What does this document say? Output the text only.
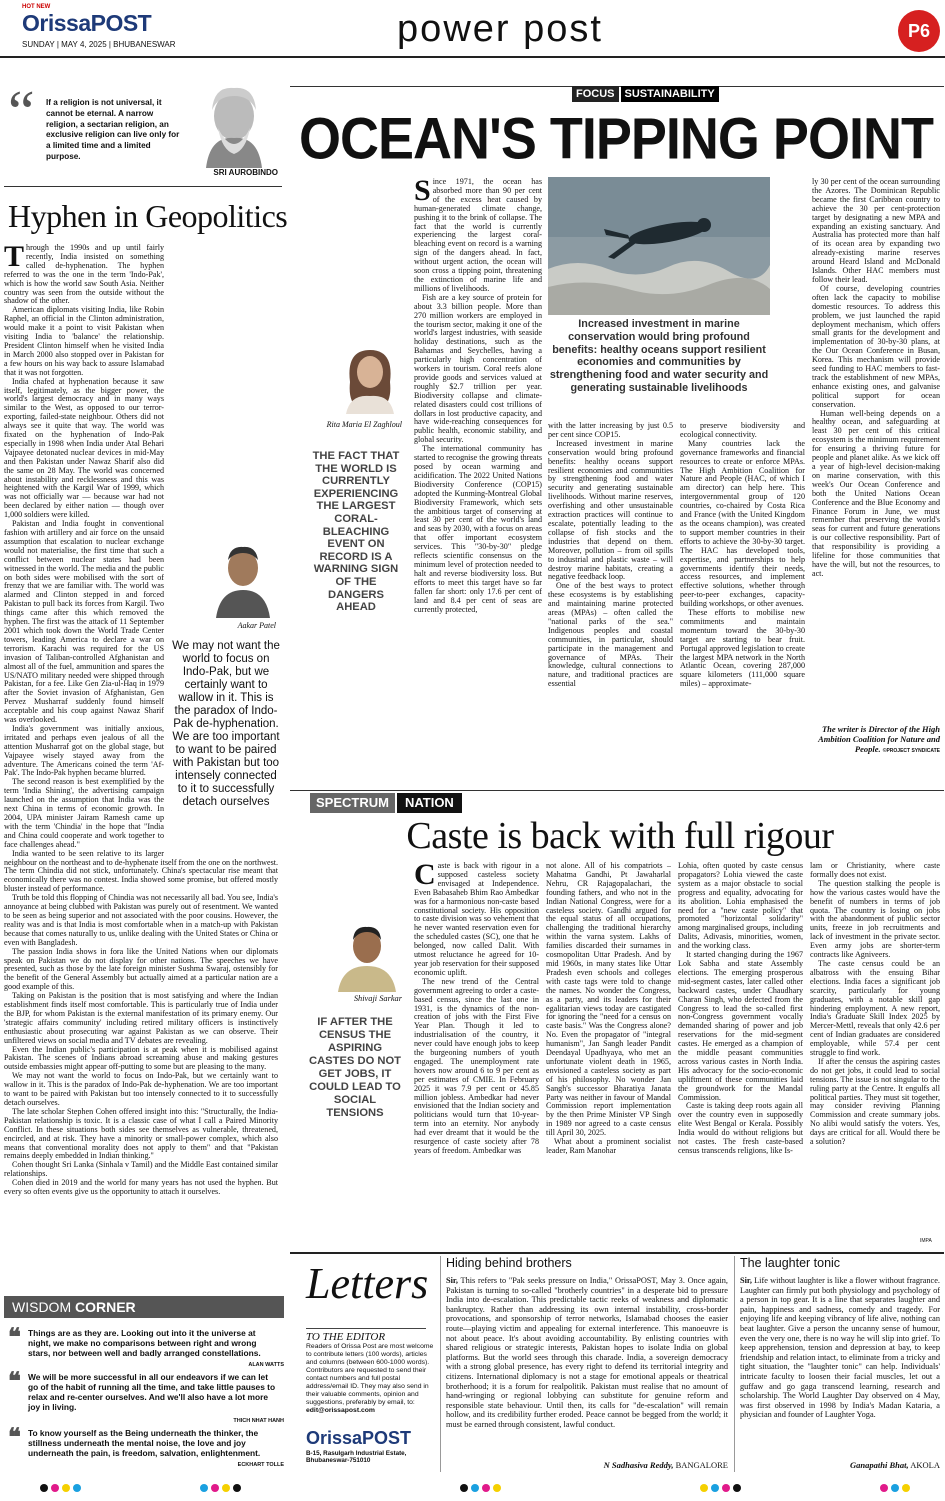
HOT NEW
OrissaPOST
SUNDAY | MAY 4, 2025 | BHUBANESWAR	power post	P6
“ If a religion is not universal, it cannot be eternal. A narrow religion, a sectarian religion, an exclusive religion can live only for a limited time and a limited purpose.
SRI AUROBINDO
Hyphen in Geopolitics

Through the 1990s and up until fairly recently, India insisted on something called de-hyphenation. The hyphen referred to was the one in the term 'Indo-Pak', which is how the world saw South Asia. Neither country was seen from the outside without the shadow of the other.

American diplomats visiting India, like Robin Raphel, an official in the Clinton administration, would make it a point to visit Pakistan when visiting India to 'balance' the relationship. President Clinton himself when he visited India in March 2000 also stopped over in Pakistan for a few hours on his way back to assure Islamabad that it was not forgotten.

India chafed at hyphenation because it saw itself, legitimately, as the bigger power, the world's largest democracy and in many ways similar to the West, as opposed to our terror-exporting, failed-state neighbour. Others did not always see it quite that way. The world was fixated on the hyphenation of Indo-Pak especially in 1998 when India under Atal Behari Vajpayee detonated nuclear devices in mid-May and then Pakistan under Nawaz Sharif also did the same on 28 May. The world was concerned about instability and recklessness and this was heightened with the Kargil War of 1999, which was not officially war — because war had not been declared by either nation — though over 1,000 soldiers were killed.

Pakistan and India fought in conventional fashion with artillery and air force on the unsaid assumption that escalation to nuclear exchange would not materialise, the first time that such a conflict between nuclear states had been witnessed in the world. The media and the public on both sides were mobilised with the sort of frenzy that we are familiar with. The world was alarmed and Clinton stepped in and forced Pakistan to pull back its forces from Kargil. Two things came after this which removed the hyphen. The first was the attack of 11 September 2001 which took down the World Trade Center towers, leading America to declare a war on terrorism. Karachi was required for the US invasion of Taliban-controlled Afghanistan and almost all of the fuel, ammunition and spares the US/NATO military needed were shipped through Pakistan, for a fee. Like Gen Zia-ul-Haq in 1979 after the Soviet invasion of Afghanistan, Gen Pervez Musharraf suddenly found himself acceptable and his coup against Nawaz Sharif was overlooked.

India's government was initially anxious, irritated and perhaps even jealous of all the attention Musharraf got on the global stage, but Vajpayee wisely stayed away from the adventure. The Americans coined the term 'Af-Pak'. The Indo-Pak hyphen became blurred.

The second reason is best exemplified by the term 'India Shining', the advertising campaign launched on the assumption that India was the next China in terms of economic growth. In 2004, UPA minister Jairam Ramesh came up with the term 'Chindia' in the hope that "India and China could cooperate and work together to face challenges ahead."

India wanted to be seen relative to its larger neighbour on the northeast and to de-hyphenate itself from the one on the northwest. The term Chindia did not stick, unfortunately. China's spectacular rise meant that economically there was no contest. India showed some promise, but offered mostly bluster instead of performance.

Truth be told this flopping of Chindia was not necessarily all bad. You see, India's annoyance at being clubbed with Pakistan was purely out of resentment. We wanted to be seen as being superior and not associated with the poor cousins. However, the reality was and is that India is most comfortable when in a match-up with Pakistan because that comes naturally to us, unlike dealing with the United States or China or even with Bangladesh.

The passion India shows in fora like the United Nations when our diplomats speak on Pakistan we do not display for other nations. The speeches we have presented, such as those by the late foreign minister Sushma Swaraj, ostensibly for the benefit of the General Assembly but actually aimed at a particular nation are a good example of this.

Taking on Pakistan is the position that is most satisfying and where the Indian establishment finds itself most comfortable. This is particularly true of India under the BJP, for whom Pakistan is the external manifestation of its primary enemy. Our 'strategic affairs community' including retired military officers is instinctively enthusiastic about prosecuting war against Pakistan as we can observe. Their unfiltered views on social media and TV debates are revealing.

Even the Indian public's participation is at peak when it is mobilised against Pakistan. The scenes of Indians abroad screaming abuse and making gestures outside embassies might appear off-putting to some but are pleasing to the many.

We may not want the world to focus on Indo-Pak, but we certainly want to wallow in it. This is the paradox of Indo-Pak de-hyphenation. We are too important to want to be paired with Pakistan but too intensely connected to it to successfully detach ourselves.

The late scholar Stephen Cohen offered insight into this: "Structurally, the India-Pakistan relationship is toxic. It is a classic case of what I call a Paired Minority Conflict. In these situations both sides see themselves as vulnerable, threatened, encircled, and at risk. They have a minority or small-power complex, which also means that conventional morality does not apply to them" and that "Pakistan remains deeply embedded in Indian thinking."

Cohen thought Sri Lanka (Sinhala v Tamil) and the Middle East contained similar relationships.

Cohen died in 2019 and the world for many years has not used the hyphen. But every so often events give us the opportunity to attach it ourselves.

Aakar Patel
We may not want the world to focus on Indo-Pak, but we certainly want to wallow in it. This is the paradox of Indo-Pak de-hyphenation. We are too important to want to be paired with Pakistan but too intensely connected to it to successfully detach ourselves
WISDOM CORNER
❝ Things are as they are. Looking out into it the universe at night, we make no comparisons between right and wrong stars, nor between well and badly arranged constellations.
ALAN WATTS
❝ We will be more successful in all our endeavors if we can let go of the habit of running all the time, and take little pauses to relax and re-center ourselves. And we'll also have a lot more joy in living.
THICH NHAT HANH
❝ To know yourself as the Being underneath the thinker, the stillness underneath the mental noise, the love and joy underneath the pain, is freedom, salvation, enlightenment.
ECKHART TOLLE
FOCUS SUSTAINABILITY
OCEAN'S TIPPING POINT

Since 1971, the ocean has absorbed more than 90 per cent of the excess heat caused by human-generated climate change, pushing it to the brink of collapse. The fact that the world is currently experiencing the largest coral-bleaching event on record is a warning sign of the dangers ahead. In fact, without urgent action, the ocean will soon cross a tipping point, threatening the extinction of marine life and millions of livelihoods.

Fish are a key source of protein for about 3.3 billion people. More than 270 million workers are employed in the tourism sector, making it one of the world's largest industries, with seaside holiday destinations, such as the Bahamas and Seychelles, having a particularly high concentration of workers in tourism. Coral reefs alone provide goods and services valued at roughly $2.7 trillion per year. Biodiversity collapse and climate-related disasters could cost trillions of dollars in lost productive capacity, and have wide-reaching consequences for public health, economic stability, and global security.

The international community has started to recognise the growing threats posed by ocean warming and acidification. The 2022 United Nations Biodiversity Conference (COP15) adopted the Kunming-Montreal Global Biodiversity Framework, which sets the ambitious target of conserving at least 30 per cent of the world's land and seas by 2030, with a focus on areas that offer important ecosystem services. This "30-by-30" pledge reflects scientific consensus on the minimum level of protection needed to halt and reverse biodiversity loss. But efforts to meet this target have so far fallen far short: only 17.6 per cent of land and 8.4 per cent of seas are currently protected,

Increased investment in marine conservation would bring profound benefits: healthy oceans support resilient economies and communities by strengthening food and water security and generating sustainable livelihoods
Rita Maria El Zaghloul
THE FACT THAT THE WORLD IS CURRENTLY EXPERIENCING THE LARGEST CORAL-BLEACHING EVENT ON RECORD IS A WARNING SIGN OF THE DANGERS AHEAD

with the latter increasing by just 0.5 per cent since COP15.

Increased investment in marine conservation would bring profound benefits: healthy oceans support resilient economies and communities by strengthening food and water security and generating sustainable livelihoods. Without marine reserves, overfishing and other unsustainable extraction practices will continue to escalate, potentially leading to the collapse of fish stocks and the industries that depend on them. Moreover, pollution – from oil spills to industrial and plastic waste – will destroy marine habitats, creating a negative feedback loop.

One of the best ways to protect these ecosystems is by establishing and maintaining marine protected areas (MPAs) – often called the "national parks of the sea." Indigenous peoples and coastal communities, in particular, should participate in the management and governance of MPAs. Their knowledge, cultural connections to nature, and traditional practices are essential

to preserve biodiversity and ecological connectivity.

Many countries lack the governance frameworks and financial resources to create or enforce MPAs. The High Ambition Coalition for Nature and People (HAC, of which I am director) can help here. This intergovernmental group of 120 countries, co-chaired by Costa Rica and France (with the United Kingdom as the oceans champion), was created to support member countries in their efforts to achieve the 30-by-30 target. The HAC has developed tools, expertise, and partnerships to help governments identify their needs, access resources, and implement effective solutions, whether through peer-to-peer exchanges, capacity-building workshops, or other avenues.

These efforts to mobilise new commitments and maintain momentum toward the 30-by-30 target are starting to bear fruit. Portugal approved legislation to create the largest MPA network in the North Atlantic Ocean, covering 287,000 square kilometers (111,000 square miles) – approximate-

ly 30 per cent of the ocean surrounding the Azores. The Dominican Republic became the first Caribbean country to achieve the 30 per cent-protection target by designating a new MPA and expanding an existing sanctuary. And Australia has protected more than half of its ocean area by expanding two already-existing marine reserves around Heard Island and McDonald Islands. Other HAC members must follow their lead.

Of course, developing countries often lack the capacity to mobilise domestic resources. To address this problem, we just launched the rapid deployment mechanism, which offers small grants for the development and implementation of 30-by-30 plans, at the Our Ocean Conference in Busan, Korea. This mechanism will provide seed funding to HAC members to fast-track the establishment of new MPAs, enhance existing ones, and galvanise political support for ocean conservation.

Human well-being depends on a healthy ocean, and safeguarding at least 30 per cent of this critical ecosystem is the minimum requirement for ensuring a thriving future for people and planet alike. As we kick off a year of high-level decision-making on marine conservation, with this week's Our Ocean Conference and both the United Nations Ocean Conference and the Blue Economy and Finance Forum in June, we must remember that preserving the world's seas for current and future generations is our collective responsibility. Part of that responsibility is providing a lifeline for those communities that have the will, but not the resources, to act.

The writer is Director of the High Ambition Coalition for Nature and People. ©PROJECT SYNDICATE
SPECTRUM	NATION
Caste is back with full rigour
Shivaji Sarkar
IF AFTER THE CENSUS THE ASPIRING CASTES DO NOT GET JOBS, IT COULD LEAD TO SOCIAL TENSIONS

Caste is back with rigour in a supposed casteless society envisaged at Independence. Even Babasaheb Bhim Rao Ambedkar was for a harmonious non-caste based constitutional society. His opposition to caste division was so vehement that he never wanted reservation even for the scheduled castes (SC), one that he belonged, now called Dalit. With utmost reluctance he agreed for 10-year job reservation for their supposed economic uplift.

The new trend of the Central government agreeing to order a caste-based census, since the last one in 1931, is the dynamics of the non-creation of jobs with the First Five Year Plan. Though it led to industrialisation of the country, it never could have enough jobs to keep the burgeoning numbers of youth engaged. The unemployment rate hovers now around 6 to 9 per cent as per estimates of CMIE. In February 2025 it was 7.9 per cent or 45.85 million jobless. Ambedkar had never envisioned that the Indian society and politicians would turn that 10-year-term into an eternity. Nor anybody had ever dreamt that it would be the resurgence of caste society after 78 years of freedom. Ambedkar was

not alone. All of his compatriots – Mahatma Gandhi, Pt Jawaharlal Nehru, CR Rajagopalachari, the founding fathers, and who not in the Indian National Congress, were for a casteless society. Gandhi argued for the equal status of all occupations, challenging the traditional hierarchy within the varna system. Lakhs of families discarded their surnames in cosmopolitan Uttar Pradesh. And by mid 1960s, in many states like Uttar Pradesh even schools and colleges with caste tags were told to change the names. No wonder the Congress, as a party, and its leaders for their egalitarian views today are castigated for ignoring the "need for a census on caste basis." Was the Congress alone? No. Even the propagator of "integral humanism", Jan Sangh leader Pandit Deendayal Upadhyaya, who met an unfortunate violent death in 1965, envisioned a casteless society as part of his philosophy. No wonder Jan Sangh's successor Bharatiya Janata Party was neither in favour of Mandal Commission report implementation by the then Prime Minister VP Singh in 1989 nor agreed to a caste census till April 30, 2025.

What about a prominent socialist leader, Ram Manohar

Lohia, often quoted by caste census propagators? Lohia viewed the caste system as a major obstacle to social progress and equality, advocating for its abolition. Lohia emphasised the need for a "new caste policy" that promoted "horizontal solidarity" among marginalised groups, including Dalits, Adivasis, minorities, women, and the working class.

It started changing during the 1967 Lok Sabha and state Assembly elections. The emerging prosperous mid-segment castes, later called other backward castes, under Chaudhary Charan Singh, who defected from the Congress to lead the so-called first non-Congress government vocally demanded sharing of power and job reservations for the mid-segment castes. He emerged as a champion of the middle peasant communities across various castes in North India. His advocacy for the socio-economic upliftment of these communities laid the groundwork for the Mandal Commission.

Caste is taking deep roots again all over the country even in supposedly elite West Bengal or Kerala. Possibly India would do without religions but not castes. The fresh caste-based census transcends religions, like Is-

lam or Christianity, where caste formally does not exist.

The question stalking the people is how the various castes would have the benefit of numbers in terms of job quota. The country is losing on jobs with the abandonment of public sector units, freeze in job recruitments and lack of investment in the private sector. Even army jobs are shorter-term contracts like Agniveers.

The caste census could be an albatross with the ensuing Bihar elections. India faces a significant job scarcity, particularly for young graduates, with a notable skill gap hindering employment. A new report, India's Graduate Skill Index 2025 by Mercer-Mettl, reveals that only 42.6 per cent of Indian graduates are considered employable, while 57.4 per cent struggle to find work.

If after the census the aspiring castes do not get jobs, it could lead to social tensions. The issue is not singular to the ruling party at the Centre. It engulfs all political parties. They must sit together, may consider reviving Planning Commission and create summary jobs. No alibi would satisfy the voters. Yes, days are critical for all. Would there be a solution?

IMPA
Letters
TO THE EDITOR
Readers of Orissa Post are most welcome to contribute letters (100 words), articles and columns (between 600-1000 words). Contributors are requested to send their contact numbers and full postal address/email ID. They may also send in their valuable comments, opinion and suggestions, preferably by email, to: edit@orissapost.com
OrissaPOST
B-15, Rasulgarh Industrial Estate, Bhubaneswar-751010
Hiding behind brothers
Sir, This refers to "Pak seeks pressure on India," OrissaPOST, May 3. Once again, Pakistan is turning to so-called "brotherly countries" in a desperate bid to pressure India into de-escalation. This predictable tactic reeks of weakness and diplomatic bankruptcy. Rather than addressing its own internal instability, cross-border provocations, and sponsorship of terror networks, Islamabad chooses the easier route—playing victim and appealing for external interference. This manoeuvre is not about peace. It's about avoiding accountability. By enlisting countries with shared religious or strategic interests, Pakistan hopes to isolate India on global platforms. But the world sees through this charade. India, a sovereign democracy with a strong global presence, has every right to defend its territorial integrity and citizens. International diplomacy is not a stage for emotional appeals or theatrical brotherhood; it is a forum for realpolitik. Pakistan must realise that no amount of hand-wringing or regional lobbying can substitute for genuine reform and responsible state behaviour. Until then, its calls for "de-escalation" will remain hollow, and its credibility further eroded. Peace cannot be begged from the world; it must be earned through consistent, lawful conduct.
N Sadhasiva Reddy, BANGALORE
The laughter tonic
Sir, Life without laughter is like a flower without fragrance. Laughter can firmly put both physiology and psychology of a person in top gear. It is a line that separates laughter and pain, happiness and sadness, comedy and tragedy. For enjoying life and keeping vibrancy of life alive, nothing can beat laughter. Give a person the uncanny sense of humour, even the very one, there is no way he will slip into grief. To keep apprehension, tension and depression at bay, to keep friendship and relation intact, to eliminate from a tricky and tight situation, the "laughter tonic" can help. Individuals' intricate faculty to loosen their facial muscles, let out a guffaw and go gaga transcend learning, research and scholarship. The World Laughter Day observed on 4 May, was first observed in 1998 by India's Madan Kataria, a physician and founder of Laughter Yoga.
Ganapathi Bhat, AKOLA
